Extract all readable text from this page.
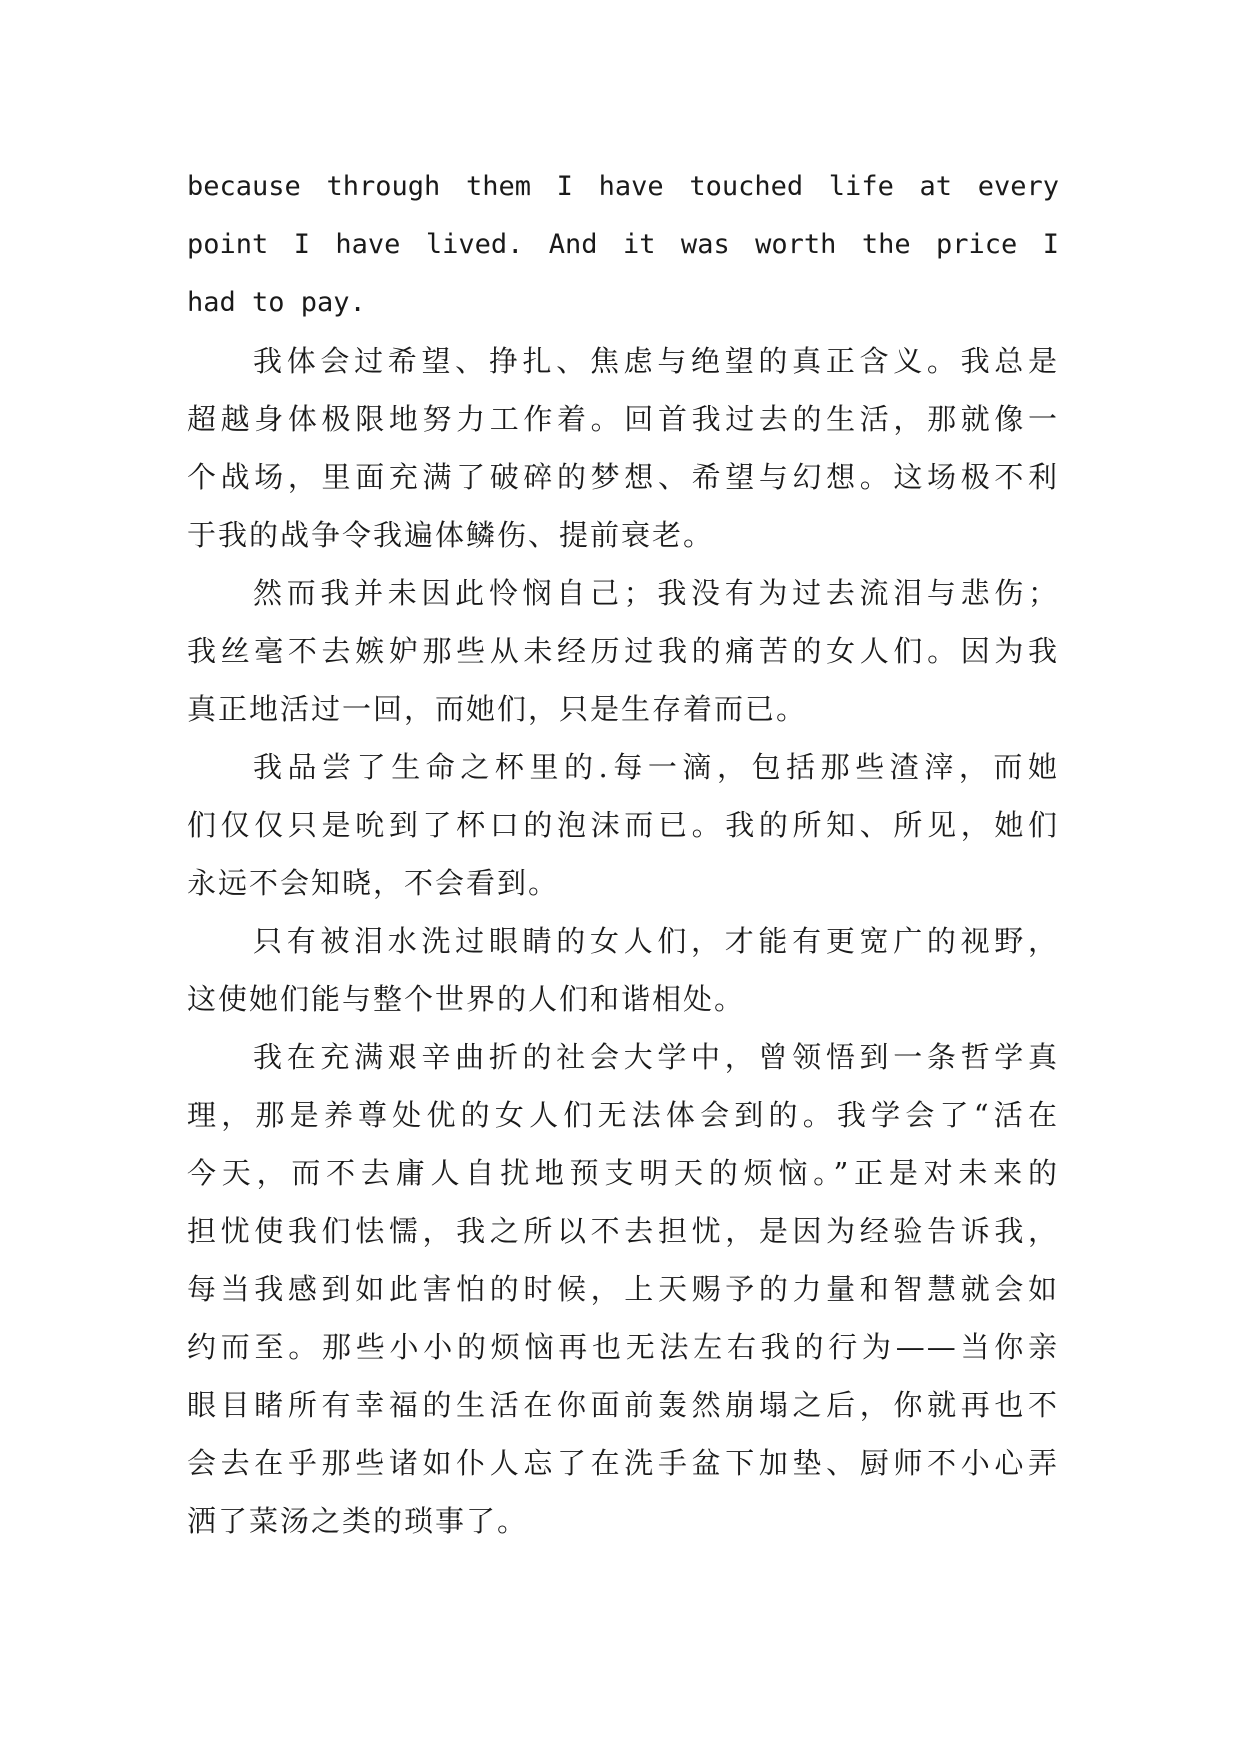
because through them I have touched life at every
point I have lived. And it was worth the price I
had to pay.
我体会过希望、挣扎、焦虑与绝望的真正含义。我总是
超越身体极限地努力工作着。回首我过去的生活，那就像一
个战场，里面充满了破碎的梦想、希望与幻想。这场极不利
于我的战争令我遍体鳞伤、提前衰老。
然而我并未因此怜悯自己；我没有为过去流泪与悲伤；
我丝毫不去嫉妒那些从未经历过我的痛苦的女人们。因为我
真正地活过一回，而她们，只是生存着而已。
我品尝了生命之杯里的.每一滴，包括那些渣滓，而她
们仅仅只是吮到了杯口的泡沫而已。我的所知、所见，她们
永远不会知晓，不会看到。
只有被泪水洗过眼睛的女人们，才能有更宽广的视野，
这使她们能与整个世界的人们和谐相处。
我在充满艰辛曲折的社会大学中，曾领悟到一条哲学真
理，那是养尊处优的女人们无法体会到的。我学会了“活在
今天，而不去庸人自扰地预支明天的烦恼。”正是对未来的
担忧使我们怯懦，我之所以不去担忧，是因为经验告诉我，
每当我感到如此害怕的时候，上天赐予的力量和智慧就会如
约而至。那些小小的烦恼再也无法左右我的行为——当你亲
眼目睹所有幸福的生活在你面前轰然崩塌之后，你就再也不
会去在乎那些诸如仆人忘了在洗手盆下加垫、厨师不小心弄
洒了菜汤之类的琐事了。
